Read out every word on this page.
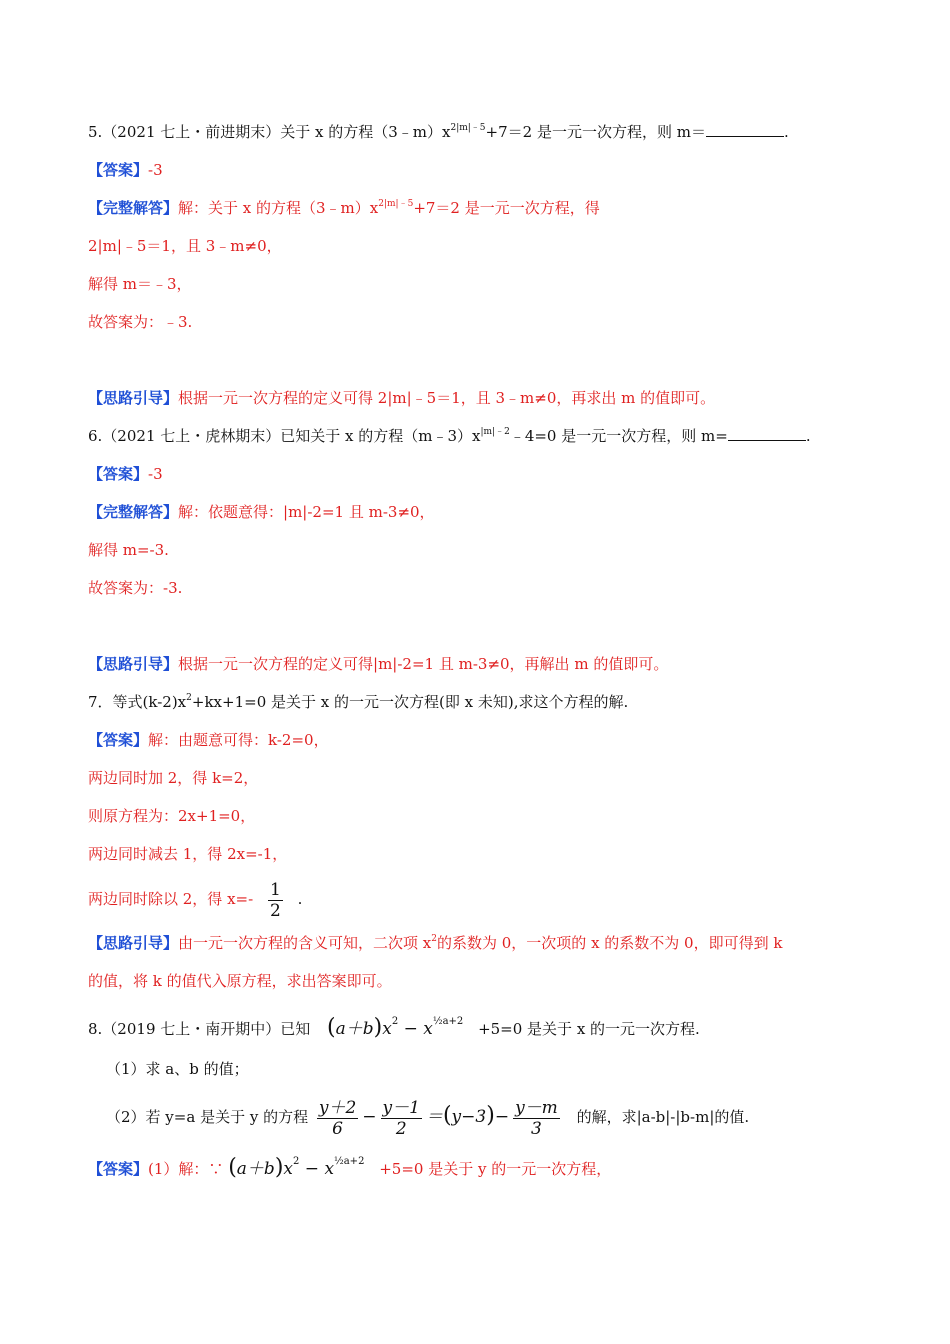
5.（2021 七上・前进期末）关于 x 的方程$(3﹣m)x^{2|m|﹣5}+7=2$ 是一元一次方程，则 m＝	.
【答案】-3
【完整解答】解：关于 x 的方程$(3﹣m)x^{2|m|﹣5}+7=2$ 是一元一次方程，得
2|m|﹣5＝1，且 3﹣m≠0，
解得 m＝﹣3，
故答案为：﹣3.
【思路引导】根据一元一次方程的定义可得 2|m|﹣5＝1，且 3﹣m≠0，再求出 m 的值即可。
6.（2021 七上・虎林期末）已知关于 x 的方程$(m﹣3)x^{|m|﹣2}﹣4=0$ 是一元一次方程，则 m=	.
【答案】-3
【完整解答】解：依题意得：|m|-2=1 且 m-3≠0，
解得 m=-3.
故答案为：-3.
【思路引导】根据一元一次方程的定义可得|m|-2=1 且 m-3≠0，再解出 m 的值即可。
7．等式$(k-2)x^2+kx+1=0$ 是关于 x 的一元一次方程(即 x 未知),求这个方程的解.
【答案】解：由题意可得：k-2=0，
两边同时加 2，得 k=2，
则原方程为：2x+1=0，
两边同时减去 1，得 2x=-1，
两边同时除以 2，得 $x=- \frac{1}{2}$ .
【思路引导】由一元一次方程的含义可知，二次项 $x^2$的系数为 0，一次项的 x 的系数不为 0，即可得到 k
的值，将 k 的值代入原方程，求出答案即可。
8.（2019 七上・南开期中）已知 $(a+b)x^2 - x^{\frac{1}{2}a+2} +5=0$ 是关于 x 的一元一次方程.
（1）求 a、b 的值；
（2）若 y=a 是关于 y 的方程 $\frac{y+2}{6} - \frac{y-1}{2} =(y-3)- \frac{y-m}{3}$ 的解，求|a-b|-|b-m|的值.
【答案】(1）解：∵ $(a+b)x^2 - x^{\frac{1}{2}a+2} +5=0$ 是关于 y 的一元一次方程，
